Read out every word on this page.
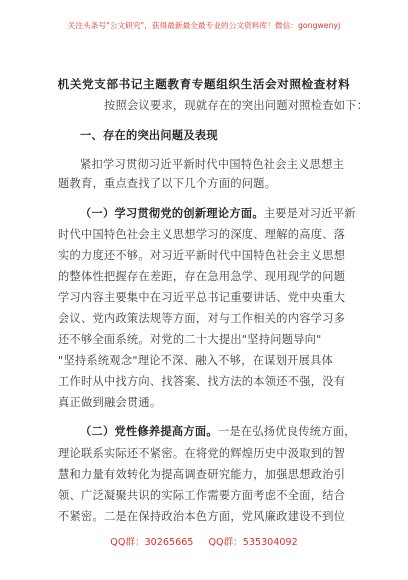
关注头条号"公文研究"，获得最新最全最专业的公文资料库！微信：gongwenyj
机关党支部书记主题教育专题组织生活会对照检查材料
按照会议要求，现就存在的突出问题对照检查如下：
一、存在的突出问题及表现
紧扣学习贯彻习近平新时代中国特色社会主义思想主
题教育，重点查找了以下几个方面的问题。
（一）学习贯彻党的创新理论方面。主要是对习近平新
时代中国特色社会主义思想学习的深度、理解的高度、落
实的力度还不够。对习近平新时代中国特色社会主义思想
的整体性把握存在差距，存在急用急学、现用现学的问题
学习内容主要集中在习近平总书记重要讲话、党中央重大
会议、党内政策法规等方面，对与工作相关的内容学习多
还不够全面系统。对党的二十大提出"坚持问题导向"
"坚持系统观念"理论不深、融入不够，在谋划开展具体
工作时从中找方向、找答案、找方法的本领还不强，没有
真正做到融会贯通。
（二）党性修养提高方面。一是在弘扬优良传统方面，
理论联系实际还不紧密。在将党的辉煌历史中汲取到的智
慧和力量有效转化为提高调查研究能力，加强思想政治引
领、广泛凝聚共识的实际工作需要方面考虑不全面，结合
不紧密。二是在保持政治本色方面，党风廉政建设不到位
QQ群：30265665 QQ群：535304092
